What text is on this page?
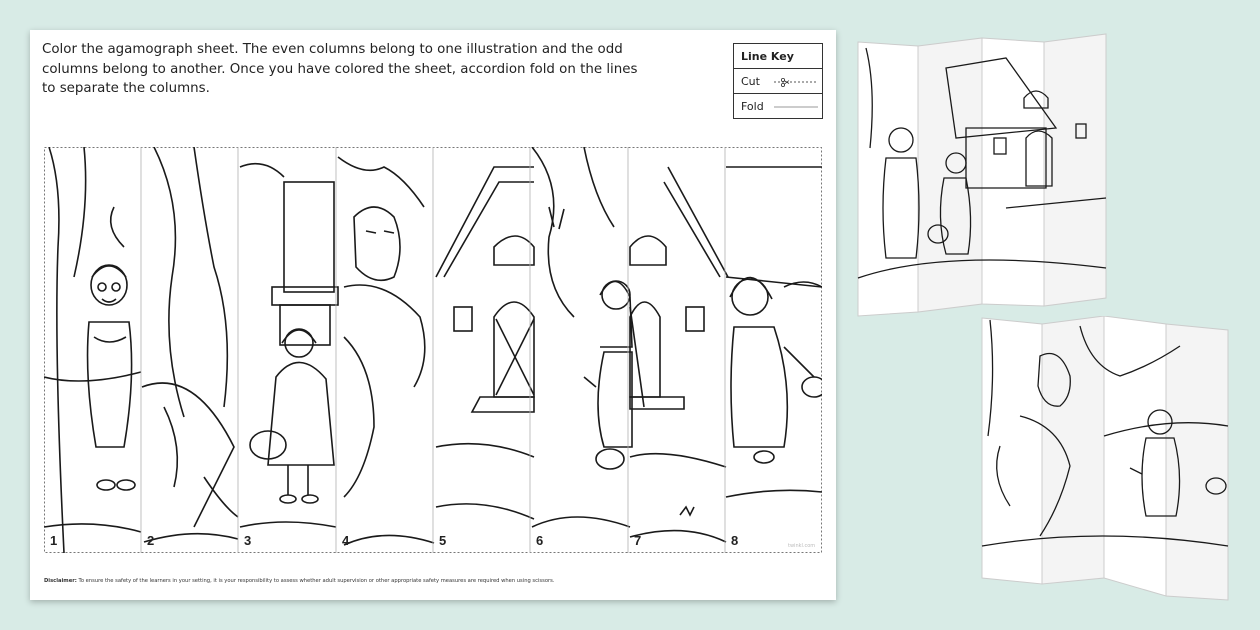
Color the agamograph sheet. The even columns belong to one illustration and the odd columns belong to another. Once you have colored the sheet, accordion fold on the lines to separate the columns.
Line Key
Cut
Fold
1	2	3	4	5	6	7	8	twinkl.com
Disclaimer: To ensure the safety of the learners in your setting, it is your responsibility to assess whether adult supervision or other appropriate safety measures are required when using scissors.
